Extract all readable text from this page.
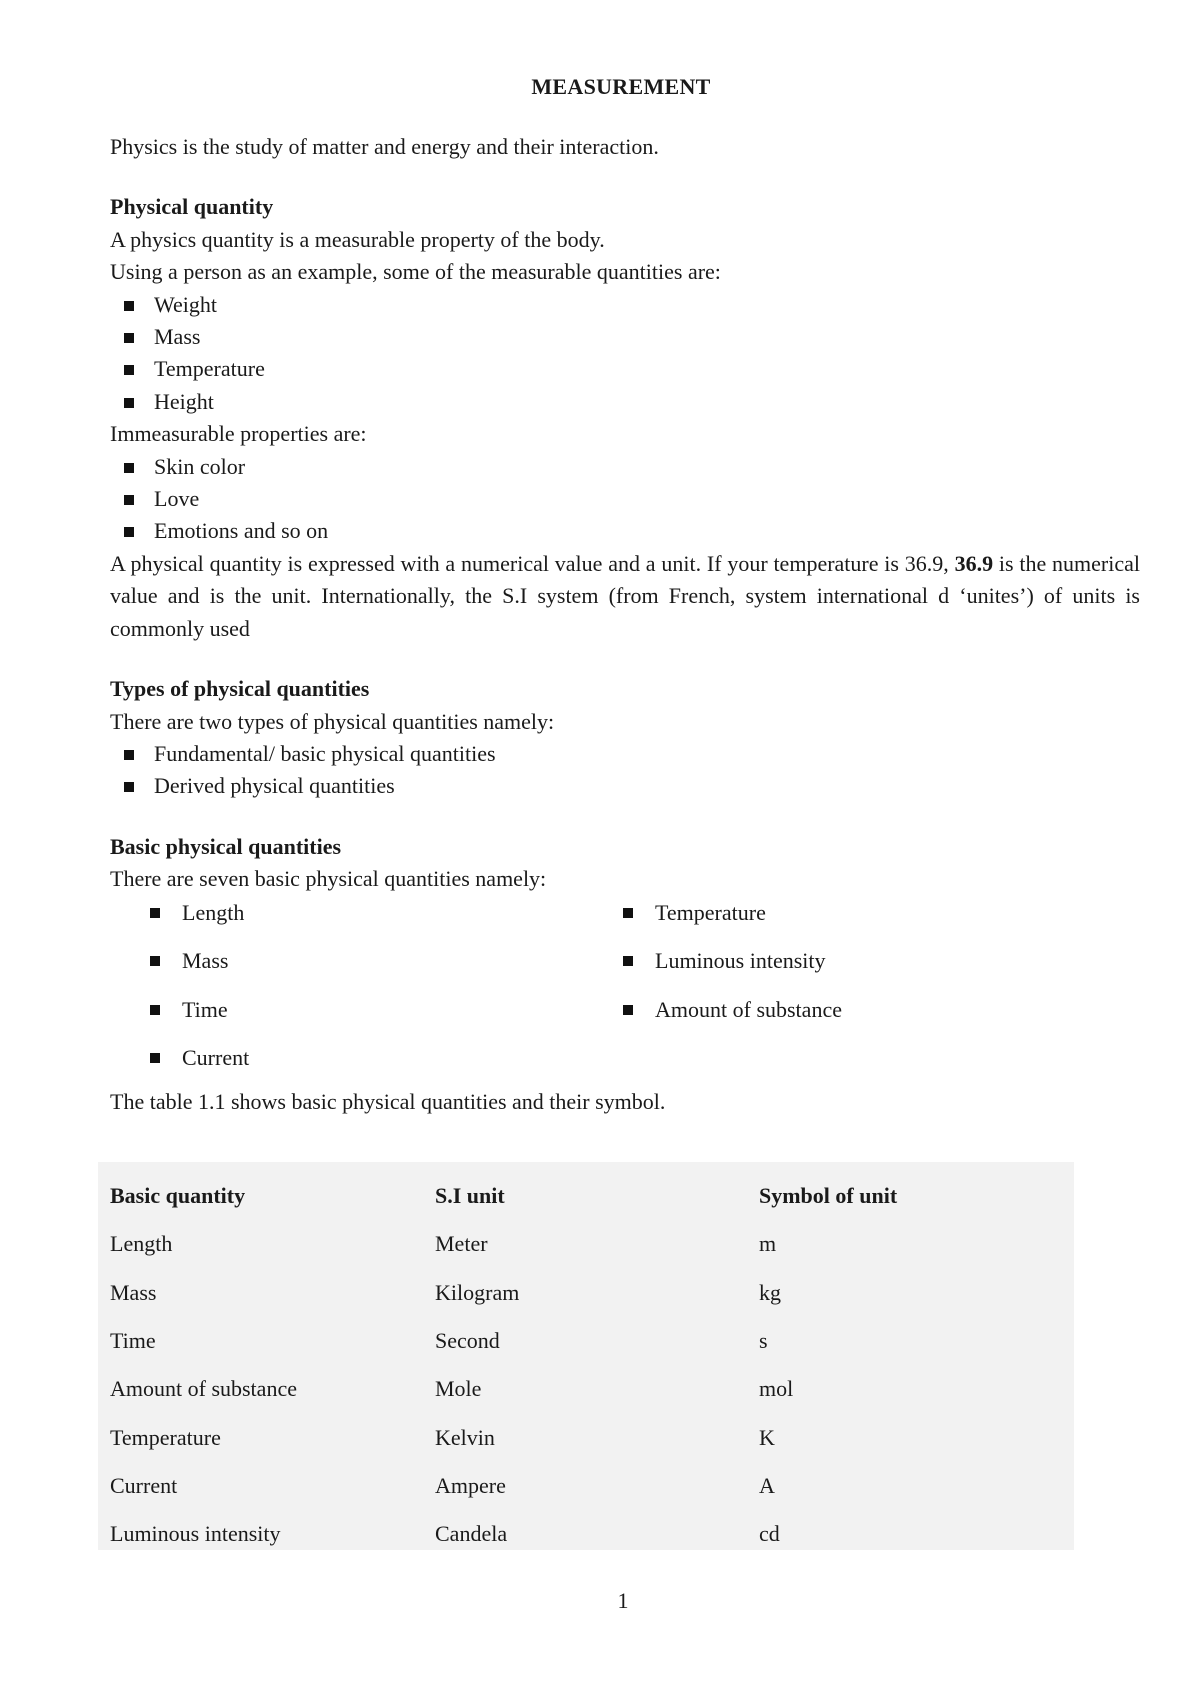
MEASUREMENT

Physics is the study of matter and energy and their interaction.

Physical quantity

A physics quantity is a measurable property of the body.

Using a person as an example, some of the measurable quantities are:

Weight
Mass
Temperature
Height

Immeasurable properties are:

Skin color
Love
Emotions and so on

A physical quantity is expressed with a numerical value and a unit. If your temperature is 36.9, 36.9 is the numerical value and is the unit. Internationally, the S.I system (from French, system international d ‘unites’) of units is commonly used

Types of physical quantities

There are two types of physical quantities namely:

Fundamental/ basic physical quantities
Derived physical quantities

Basic physical quantities

There are seven basic physical quantities namely:

Length	Temperature
Mass	Luminous intensity
Time	Amount of substance
Current

The table 1.1 shows basic physical quantities and their symbol.

Basic quantity	S.I unit	Symbol of unit
Length	Meter	m
Mass	Kilogram	kg
Time	Second	s
Amount of substance	Mole	mol
Temperature	Kelvin	K
Current	Ampere	A
Luminous intensity	Candela	cd
1
